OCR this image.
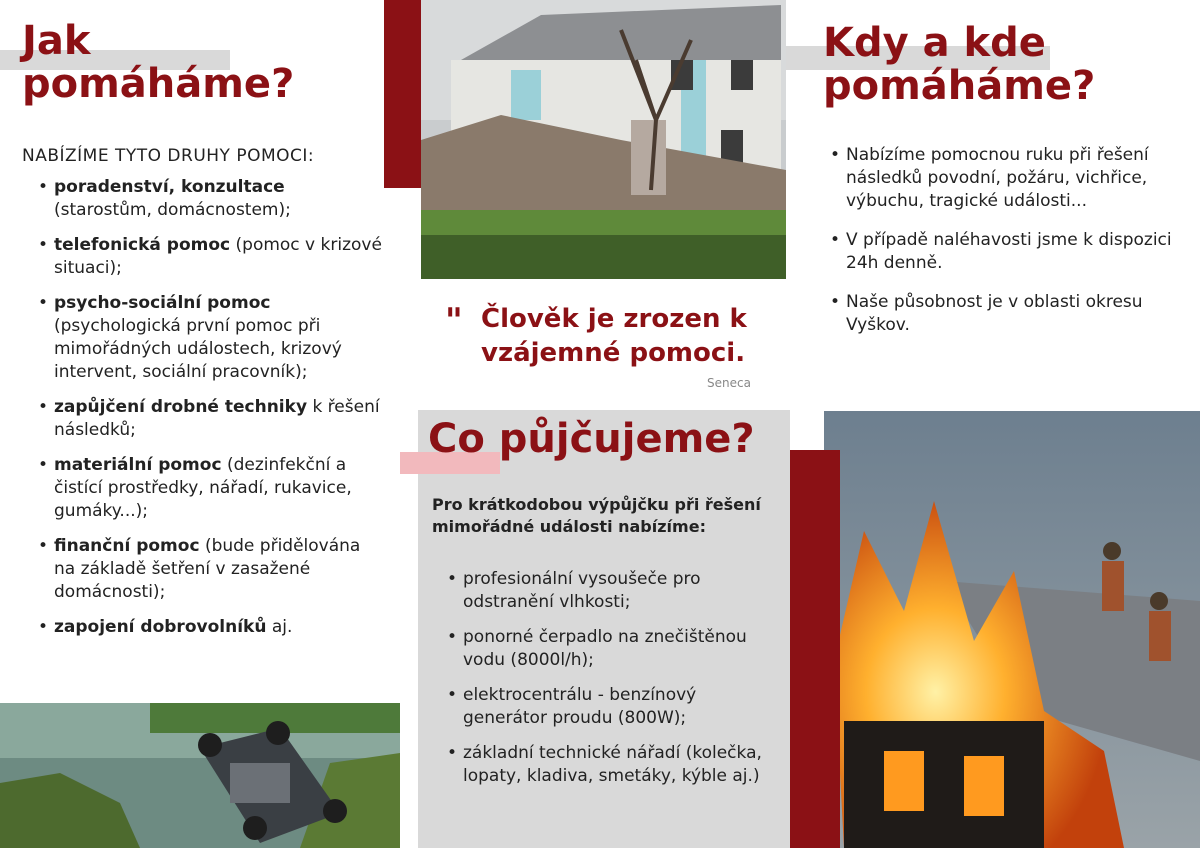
Jak
pomáháme?
NABÍZÍME TYTO DRUHY POMOCI:
• poradenství, konzultace (starostům, domácnostem);
• telefonická pomoc (pomoc v krizové situaci);
• psycho-sociální pomoc (psychologická první pomoc při mimořádných událostech, krizový intervent, sociální pracovník);
• zapůjčení drobné techniky k řešení následků;
• materiální pomoc (dezinfekční a čistící prostředky, nářadí, rukavice, gumáky...);
• finanční pomoc (bude přidělována na základě šetření v zasažené domácnosti);
• zapojení dobrovolníků aj.
" Člověk je zrozen k vzájemné pomoci.
Seneca
Co půjčujeme?
Pro krátkodobou výpůjčku při řešení mimořádné události nabízíme:
• profesionální vysoušeče pro odstranění vlhkosti;
• ponorné čerpadlo na znečištěnou vodu (8000l/h);
• elektrocentrálu - benzínový generátor proudu (800W);
• základní technické nářadí (kolečka, lopaty, kladiva, smetáky, kýble aj.)
Kdy a kde
pomáháme?
• Nabízíme pomocnou ruku při řešení následků povodní, požáru, vichřice, výbuchu, tragické události...
• V případě naléhavosti jsme k dispozici 24h denně.
• Naše působnost je v oblasti okresu Vyškov.
